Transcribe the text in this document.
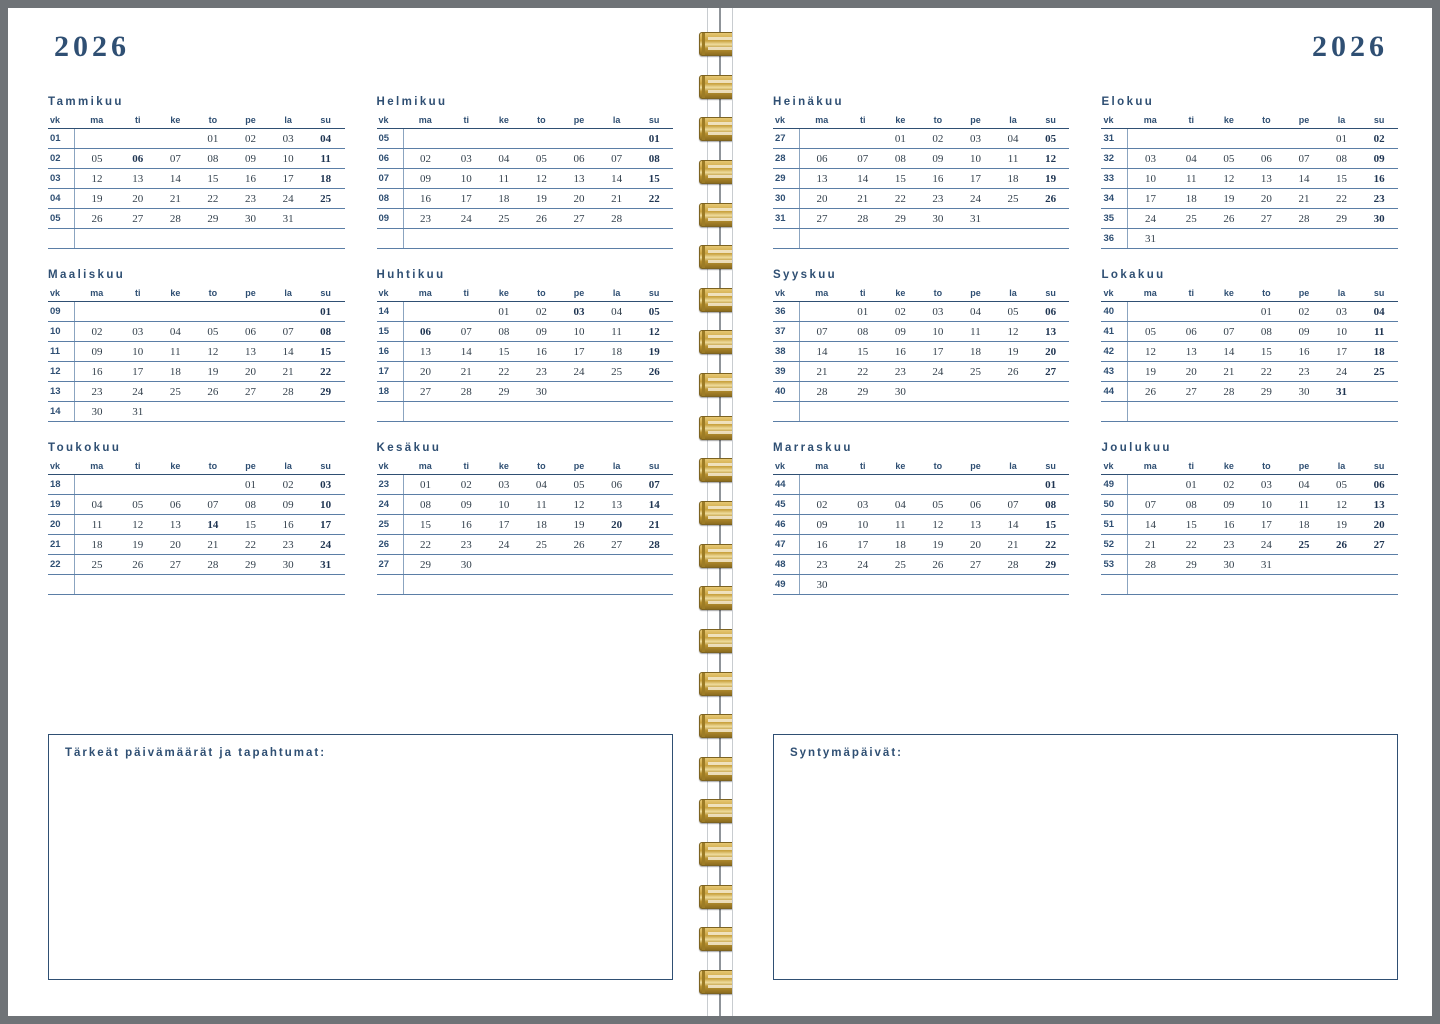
2026
Tammikuu
vk	ma	ti	ke	to	pe	la	su
01				01	02	03	04
02	05	06	07	08	09	10	11
03	12	13	14	15	16	17	18
04	19	20	21	22	23	24	25
05	26	27	28	29	30	31	

Helmikuu
vk	ma	ti	ke	to	pe	la	su
05							01
06	02	03	04	05	06	07	08
07	09	10	11	12	13	14	15
08	16	17	18	19	20	21	22
09	23	24	25	26	27	28	

Maaliskuu
vk	ma	ti	ke	to	pe	la	su
09							01
10	02	03	04	05	06	07	08
11	09	10	11	12	13	14	15
12	16	17	18	19	20	21	22
13	23	24	25	26	27	28	29
14	30	31					
Huhtikuu
vk	ma	ti	ke	to	pe	la	su
14			01	02	03	04	05
15	06	07	08	09	10	11	12
16	13	14	15	16	17	18	19
17	20	21	22	23	24	25	26
18	27	28	29	30			

Toukokuu
vk	ma	ti	ke	to	pe	la	su
18					01	02	03
19	04	05	06	07	08	09	10
20	11	12	13	14	15	16	17
21	18	19	20	21	22	23	24
22	25	26	27	28	29	30	31

Kesäkuu
vk	ma	ti	ke	to	pe	la	su
23	01	02	03	04	05	06	07
24	08	09	10	11	12	13	14
25	15	16	17	18	19	20	21
26	22	23	24	25	26	27	28
27	29	30					

Tärkeät päivämäärät ja tapahtumat:
2026
Heinäkuu
vk	ma	ti	ke	to	pe	la	su
27			01	02	03	04	05
28	06	07	08	09	10	11	12
29	13	14	15	16	17	18	19
30	20	21	22	23	24	25	26
31	27	28	29	30	31		

Elokuu
vk	ma	ti	ke	to	pe	la	su
31						01	02
32	03	04	05	06	07	08	09
33	10	11	12	13	14	15	16
34	17	18	19	20	21	22	23
35	24	25	26	27	28	29	30
36	31						
Syyskuu
vk	ma	ti	ke	to	pe	la	su
36		01	02	03	04	05	06
37	07	08	09	10	11	12	13
38	14	15	16	17	18	19	20
39	21	22	23	24	25	26	27
40	28	29	30				

Lokakuu
vk	ma	ti	ke	to	pe	la	su
40				01	02	03	04
41	05	06	07	08	09	10	11
42	12	13	14	15	16	17	18
43	19	20	21	22	23	24	25
44	26	27	28	29	30	31	

Marraskuu
vk	ma	ti	ke	to	pe	la	su
44							01
45	02	03	04	05	06	07	08
46	09	10	11	12	13	14	15
47	16	17	18	19	20	21	22
48	23	24	25	26	27	28	29
49	30						
Joulukuu
vk	ma	ti	ke	to	pe	la	su
49		01	02	03	04	05	06
50	07	08	09	10	11	12	13
51	14	15	16	17	18	19	20
52	21	22	23	24	25	26	27
53	28	29	30	31			

Syntymäpäivät:
